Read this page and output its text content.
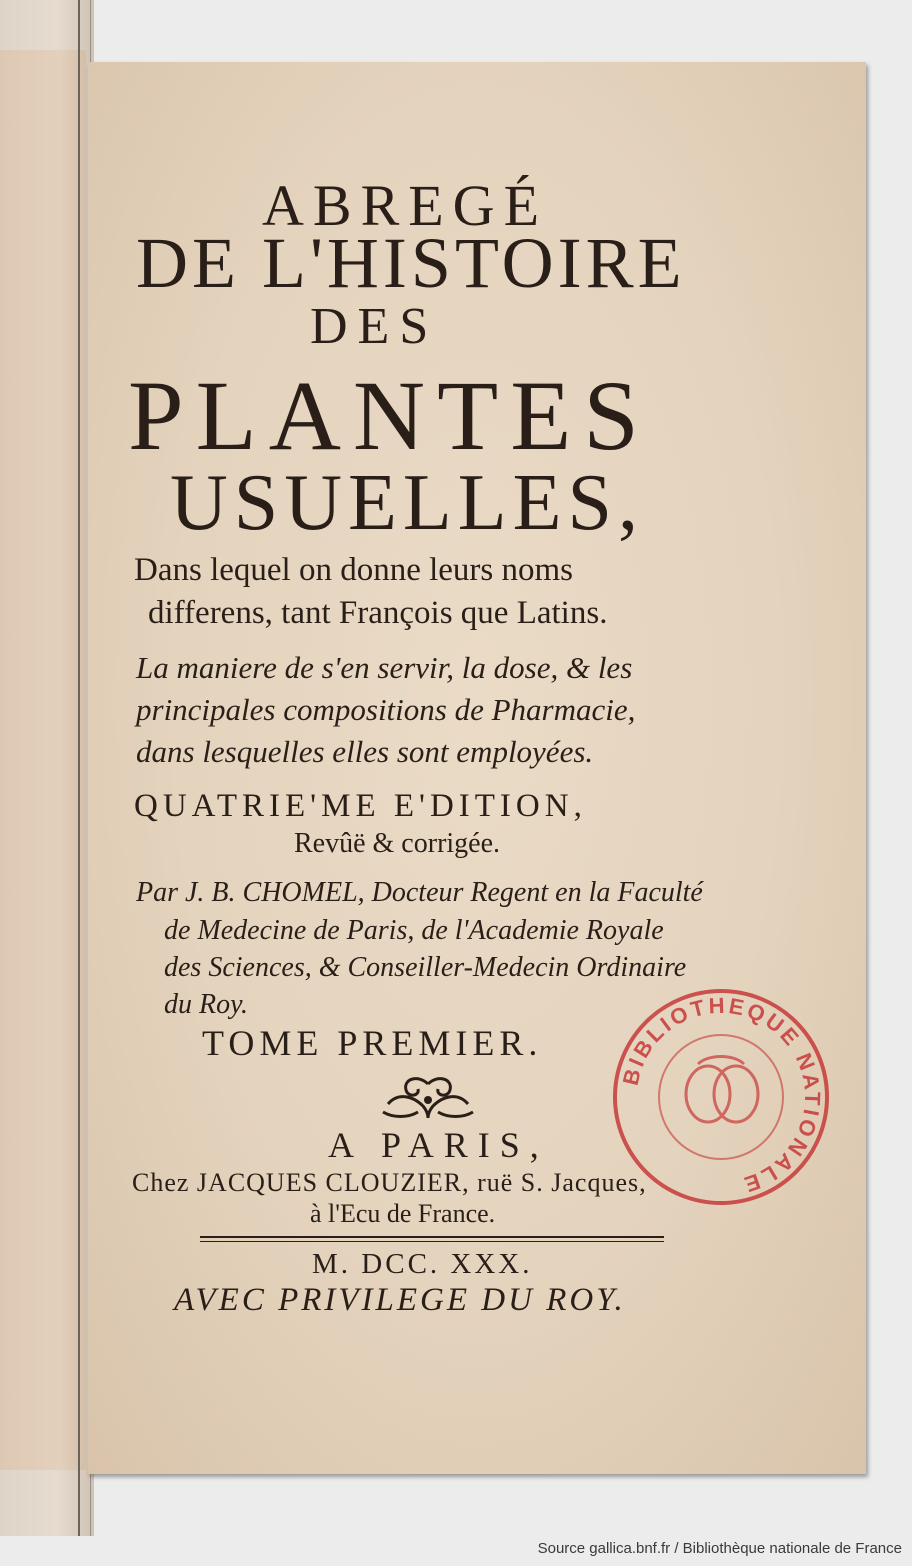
ABREGÉ
DE L'HISTOIRE
DES
PLANTES
USUELLES,
Dans lequel on donne leurs noms
differens, tant François que Latins.
La maniere de s'en servir, la dose, & les
principales compositions de Pharmacie,
dans lesquelles elles sont employées.
QUATRIE'ME E'DITION,
Revûë & corrigée.
Par J. B. CHOMEL, Docteur Regent en la Faculté
de Medecine de Paris, de l'Academie Royale
des Sciences, & Conseiller-Medecin Ordinaire
du Roy.
TOME PREMIER.
A PARIS,
Chez JACQUES CLOUZIER, ruë S. Jacques,
à l'Ecu de France.
M. DCC. XXX.
AVEC PRIVILEGE DU ROY.
BIBLIOTHEQUE NATIONALE
Source gallica.bnf.fr / Bibliothèque nationale de France
